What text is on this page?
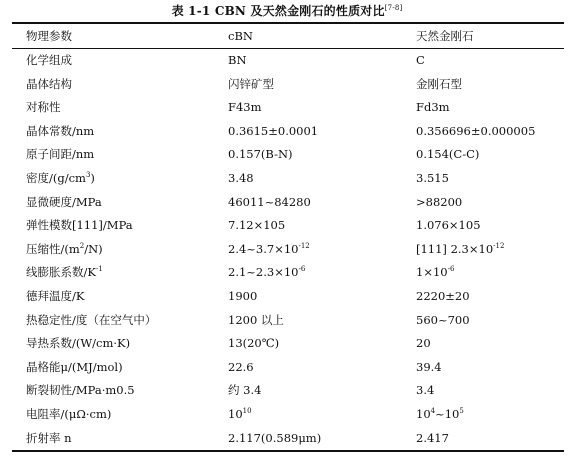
表 1-1 CBN 及天然金刚石的性质对比[7-8]
物理参数	cBN	天然金刚石
化学组成	BN	C
晶体结构	闪锌矿型	金刚石型
对称性	F43m	Fd3m
晶体常数/nm	0.3615±0.0001	0.356696±0.000005
原子间距/nm	0.157(B-N)	0.154(C-C)
密度$/(g/cm^3)$	3.48	3.515
显微硬度/MPa	46011~84280	>88200
弹性模数[111]/MPa	7.12×105	1.076×105
压缩性$/(m^2/N)$	$2.4\sim 3.7\times 10^{-12}$	[111] $2.3\times 10^{-12}$
线膨胀系数$/K^{-1}$	$2.1\sim 2.3\times 10^{-6}$	$1\times 10^{-6}$
德拜温度/K	1900	2220±20
热稳定性/度（在空气中）	1200 以上	560~700
导热系数/(W/cm·K)	13(20℃)	20
晶格能μ/(MJ/mol)	22.6	39.4
断裂韧性/MPa·m0.5	约 3.4	3.4
电阻率/(μΩ·cm)	$10^{10}$	$10^4\sim 10^5$
折射率 n	2.117(0.589μm)	2.417
